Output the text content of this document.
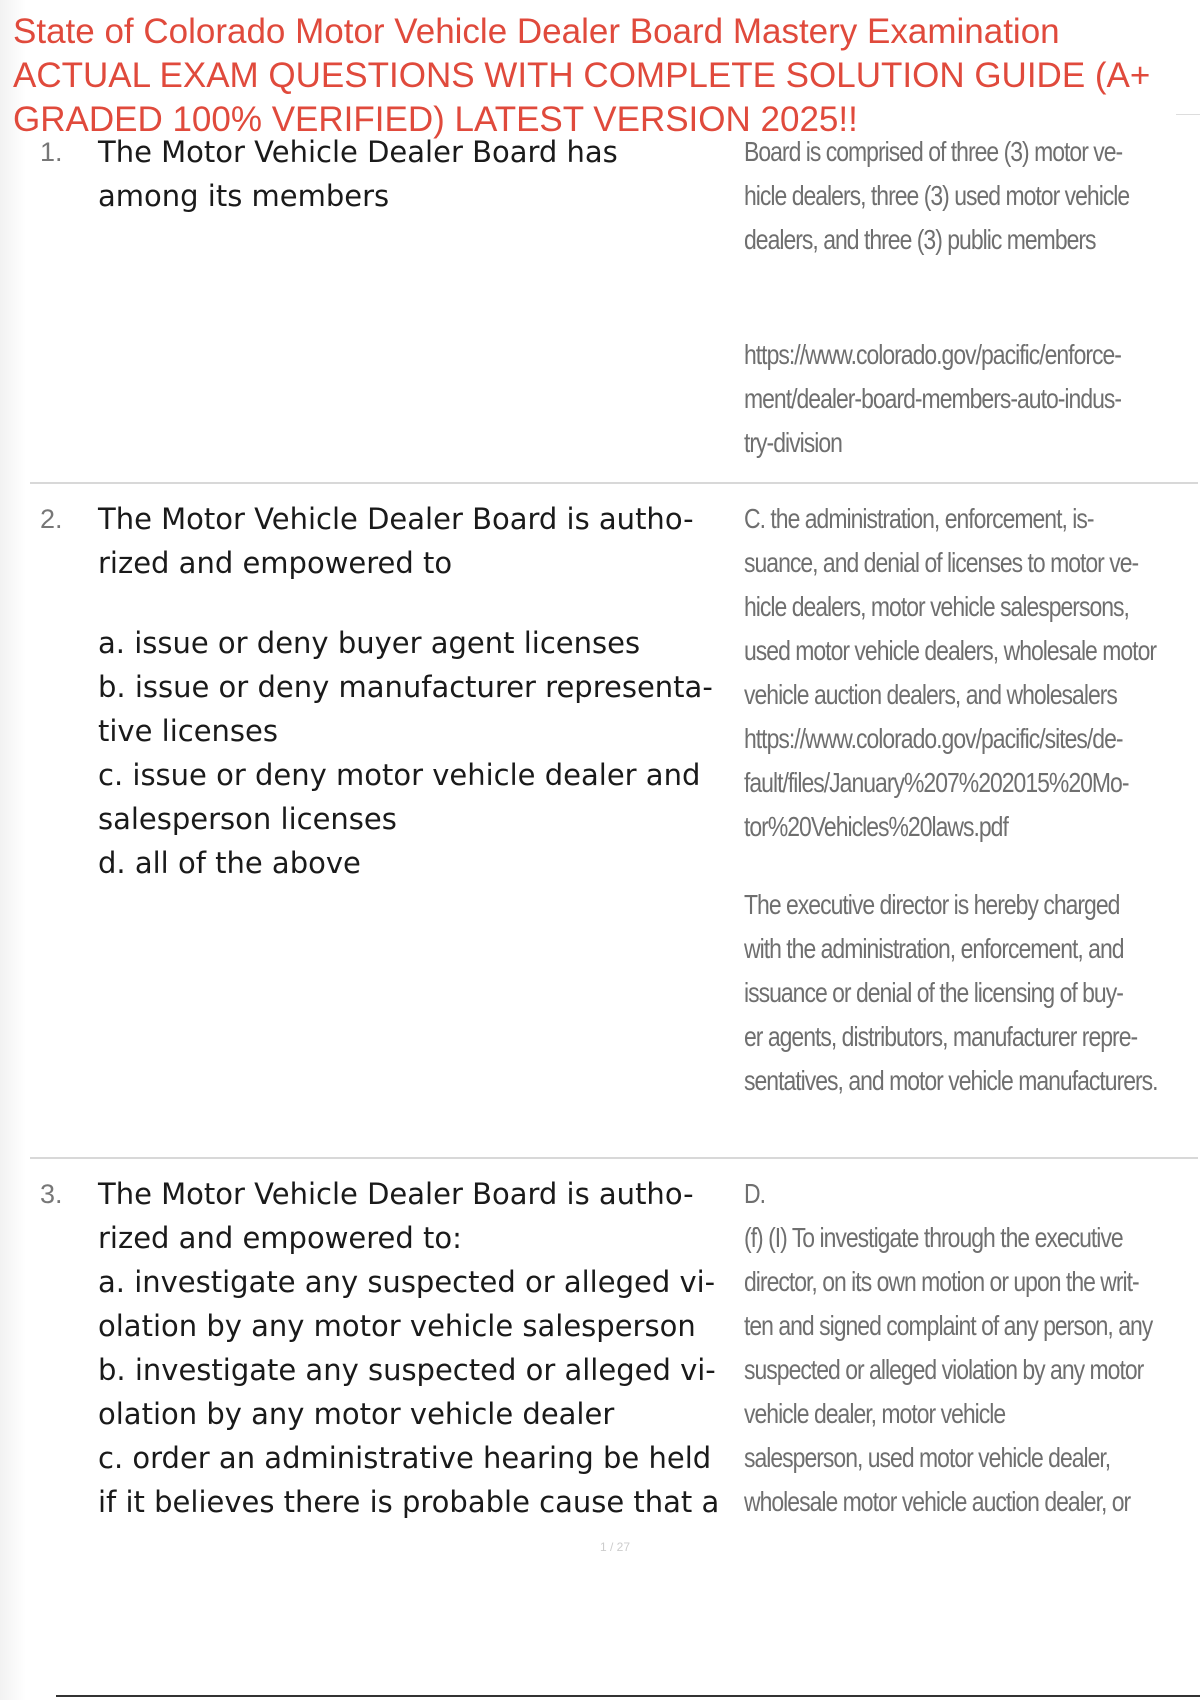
State of Colorado Motor Vehicle Dealer Board Mastery Examination
ACTUAL EXAM QUESTIONS WITH COMPLETE SOLUTION GUIDE (A+
GRADED 100% VERIFIED) LATEST VERSION 2025!!
1. The Motor Vehicle Dealer Board has
among its members
Board is comprised of three (3) motor ve-
hicle dealers, three (3) used motor vehicle
dealers, and three (3) public members
https://www.colorado.gov/pacific/enforce-
ment/dealer-board-members-auto-indus-
try-division
2. The Motor Vehicle Dealer Board is autho-
rized and empowered to
a. issue or deny buyer agent licenses
b. issue or deny manufacturer representa-
tive licenses
c. issue or deny motor vehicle dealer and
salesperson licenses
d. all of the above
C. the administration, enforcement, is-
suance, and denial of licenses to motor ve-
hicle dealers, motor vehicle salespersons,
used motor vehicle dealers, wholesale motor
vehicle auction dealers, and wholesalers
https://www.colorado.gov/pacific/sites/de-
fault/files/January%207%202015%20Mo-
tor%20Vehicles%20laws.pdf
The executive director is hereby charged
with the administration, enforcement, and
issuance or denial of the licensing of buy-
er agents, distributors, manufacturer repre-
sentatives, and motor vehicle manufacturers.
3. The Motor Vehicle Dealer Board is autho-
rized and empowered to:
a. investigate any suspected or alleged vi-
olation by any motor vehicle salesperson
b. investigate any suspected or alleged vi-
olation by any motor vehicle dealer
c. order an administrative hearing be held
if it believes there is probable cause that a
D.
(f) (I) To investigate through the executive
director, on its own motion or upon the writ-
ten and signed complaint of any person, any
suspected or alleged violation by any motor
vehicle dealer, motor vehicle
salesperson, used motor vehicle dealer,
wholesale motor vehicle auction dealer, or
1 / 27
